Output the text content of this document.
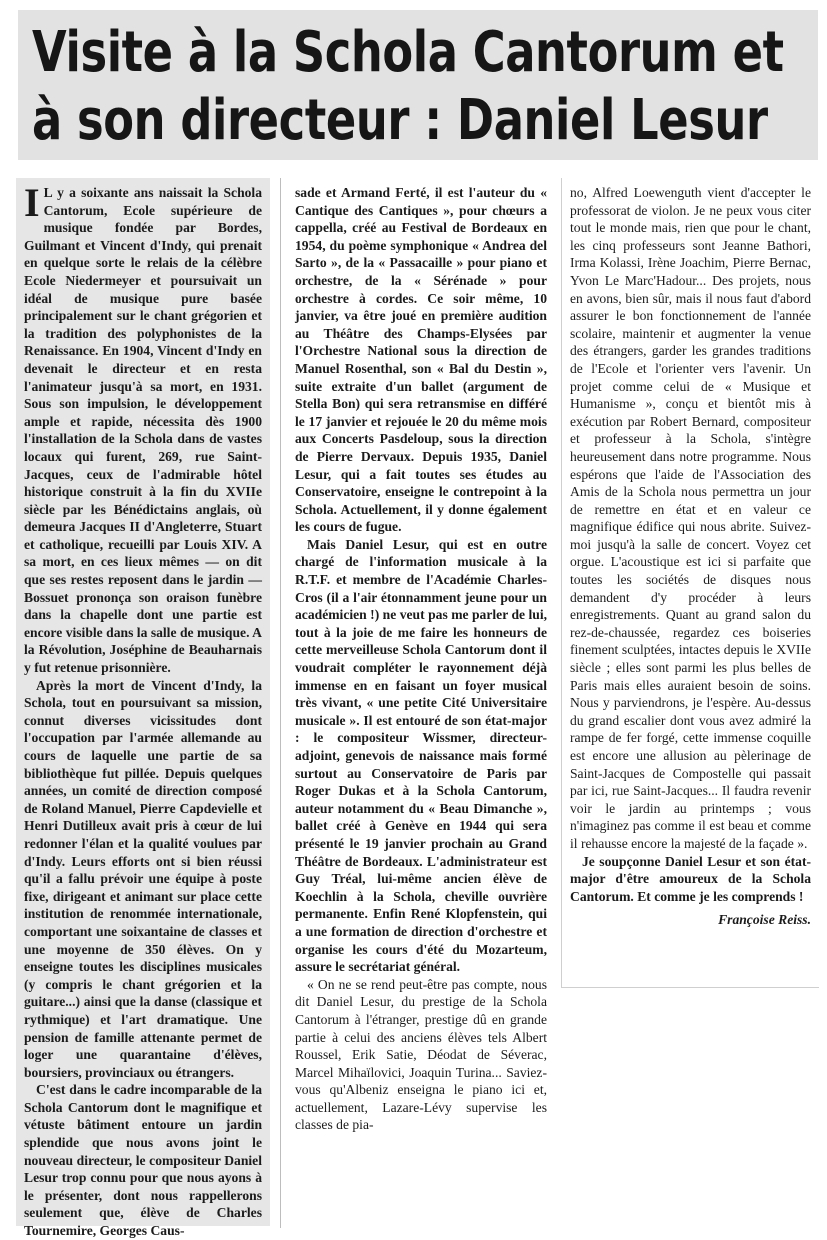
Visite à la Schola Cantorum et
à son directeur : Daniel Lesur
I L y a soixante ans naissait la Schola Cantorum, Ecole supérieure de musique fondée par Bordes, Guilmant et Vincent d'Indy, qui prenait en quelque sorte le relais de la célèbre Ecole Niedermeyer et poursuivait un idéal de musique pure basée principalement sur le chant grégorien et la tradition des polyphonistes de la Renaissance. En 1904, Vincent d'Indy en devenait le directeur et en resta l'animateur jusqu'à sa mort, en 1931. Sous son impulsion, le développement ample et rapide, nécessita dès 1900 l'installation de la Schola dans de vastes locaux qui furent, 269, rue Saint-Jacques, ceux de l'admirable hôtel historique construit à la fin du XVIIe siècle par les Bénédictains anglais, où demeura Jacques II d'Angleterre, Stuart et catholique, recueilli par Louis XIV. A sa mort, en ces lieux mêmes — on dit que ses restes reposent dans le jardin — Bossuet prononça son oraison funèbre dans la chapelle dont une partie est encore visible dans la salle de musique. A la Révolution, Joséphine de Beauharnais y fut retenue prisonnière.

Après la mort de Vincent d'Indy, la Schola, tout en poursuivant sa mission, connut diverses vicissitudes dont l'occupation par l'armée allemande au cours de laquelle une partie de sa bibliothèque fut pillée. Depuis quelques années, un comité de direction composé de Roland Manuel, Pierre Capdevielle et Henri Dutilleux avait pris à cœur de lui redonner l'élan et la qualité voulues par d'Indy. Leurs efforts ont si bien réussi qu'il a fallu prévoir une équipe à poste fixe, dirigeant et animant sur place cette institution de renommée internationale, comportant une soixantaine de classes et une moyenne de 350 élèves. On y enseigne toutes les disciplines musicales (y compris le chant grégorien et la guitare...) ainsi que la danse (classique et rythmique) et l'art dramatique. Une pension de famille attenante permet de loger une quarantaine d'élèves, boursiers, provinciaux ou étrangers.

C'est dans le cadre incomparable de la Schola Cantorum dont le magnifique et vétuste bâtiment entoure un jardin splendide que nous avons joint le nouveau directeur, le compositeur Daniel Lesur trop connu pour que nous ayons à le présenter, dont nous rappellerons seulement que, élève de Charles Tournemire, Georges Caus-

sade et Armand Ferté, il est l'auteur du « Cantique des Cantiques », pour chœurs a cappella, créé au Festival de Bordeaux en 1954, du poème symphonique « Andrea del Sarto », de la « Passacaille » pour piano et orchestre, de la « Sérénade » pour orchestre à cordes. Ce soir même, 10 janvier, va être joué en première audition au Théâtre des Champs-Elysées par l'Orchestre National sous la direction de Manuel Rosenthal, son « Bal du Destin », suite extraite d'un ballet (argument de Stella Bon) qui sera retransmise en différé le 17 janvier et rejouée le 20 du même mois aux Concerts Pasdeloup, sous la direction de Pierre Dervaux. Depuis 1935, Daniel Lesur, qui a fait toutes ses études au Conservatoire, enseigne le contrepoint à la Schola. Actuellement, il y donne également les cours de fugue.

Mais Daniel Lesur, qui est en outre chargé de l'information musicale à la R.T.F. et membre de l'Académie Charles-Cros (il a l'air étonnamment jeune pour un académicien !) ne veut pas me parler de lui, tout à la joie de me faire les honneurs de cette merveilleuse Schola Cantorum dont il voudrait compléter le rayonnement déjà immense en en faisant un foyer musical très vivant, « une petite Cité Universitaire musicale ». Il est entouré de son état-major : le compositeur Wissmer, directeur-adjoint, genevois de naissance mais formé surtout au Conservatoire de Paris par Roger Dukas et à la Schola Cantorum, auteur notamment du « Beau Dimanche », ballet créé à Genève en 1944 qui sera présenté le 19 janvier prochain au Grand Théâtre de Bordeaux. L'administrateur est Guy Tréal, lui-même ancien élève de Koechlin à la Schola, cheville ouvrière permanente. Enfin René Klopfenstein, qui a une formation de direction d'orchestre et organise les cours d'été du Mozarteum, assure le secrétariat général.

« On ne se rend peut-être pas compte, nous dit Daniel Lesur, du prestige de la Schola Cantorum à l'étranger, prestige dû en grande partie à celui des anciens élèves tels Albert Roussel, Erik Satie, Déodat de Séverac, Marcel Mihaïlovici, Joaquin Turina... Saviez-vous qu'Albeniz enseigna le piano ici et, actuellement, Lazare-Lévy supervise les classes de pia-

no, Alfred Loewenguth vient d'accepter le professorat de violon. Je ne peux vous citer tout le monde mais, rien que pour le chant, les cinq professeurs sont Jeanne Bathori, Irma Kolassi, Irène Joachim, Pierre Bernac, Yvon Le Marc'Hadour... Des projets, nous en avons, bien sûr, mais il nous faut d'abord assurer le bon fonctionnement de l'année scolaire, maintenir et augmenter la venue des étrangers, garder les grandes traditions de l'Ecole et l'orienter vers l'avenir. Un projet comme celui de « Musique et Humanisme », conçu et bientôt mis à exécution par Robert Bernard, compositeur et professeur à la Schola, s'intègre heureusement dans notre programme. Nous espérons que l'aide de l'Association des Amis de la Schola nous permettra un jour de remettre en état et en valeur ce magnifique édifice qui nous abrite. Suivez-moi jusqu'à la salle de concert. Voyez cet orgue. L'acoustique est ici si parfaite que toutes les sociétés de disques nous demandent d'y procéder à leurs enregistrements. Quant au grand salon du rez-de-chaussée, regardez ces boiseries finement sculptées, intactes depuis le XVIIe siècle ; elles sont parmi les plus belles de Paris mais elles auraient besoin de soins. Nous y parviendrons, je l'espère. Au-dessus du grand escalier dont vous avez admiré la rampe de fer forgé, cette immense coquille est encore une allusion au pèlerinage de Saint-Jacques de Compostelle qui passait par ici, rue Saint-Jacques... Il faudra revenir voir le jardin au printemps ; vous n'imaginez pas comme il est beau et comme il rehausse encore la majesté de la façade ».

Je soupçonne Daniel Lesur et son état-major d'être amoureux de la Schola Cantorum. Et comme je les comprends !

Françoise Reiss.
